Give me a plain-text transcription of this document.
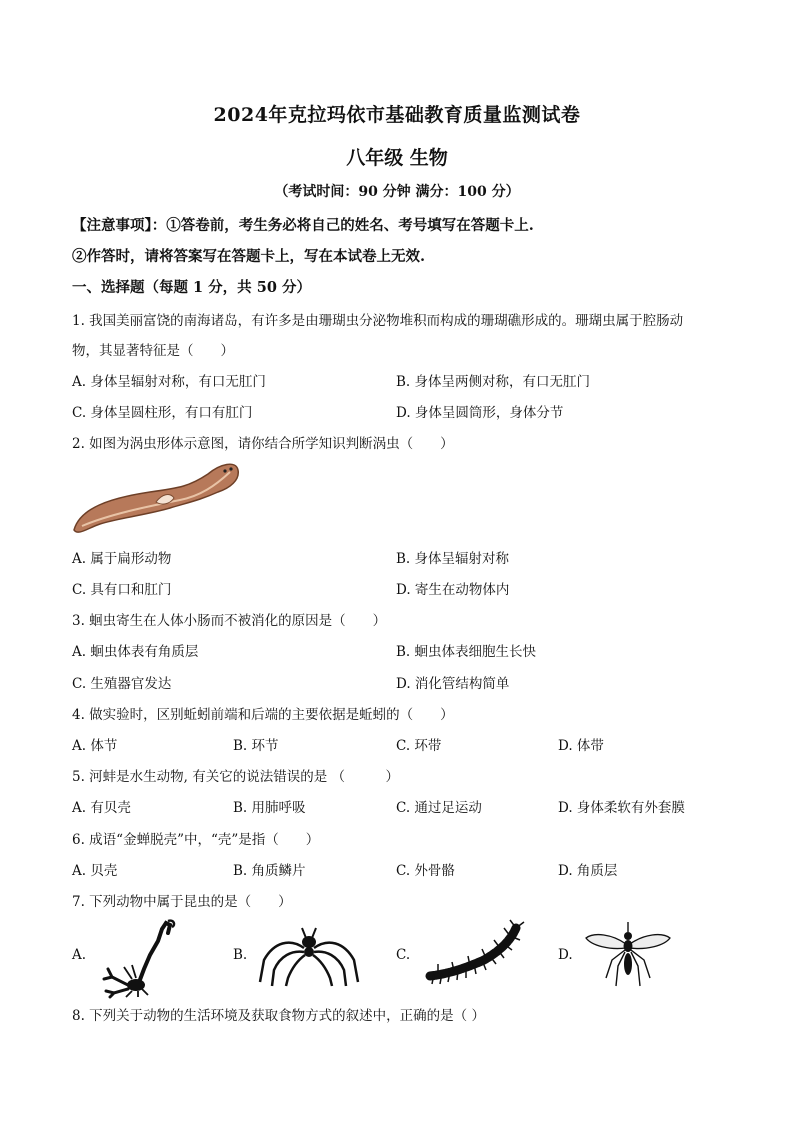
2024年克拉玛依市基础教育质量监测试卷
八年级 生物
（考试时间：90 分钟 满分：100 分）
【注意事项】：①答卷前，考生务必将自己的姓名、考号填写在答题卡上.
②作答时，请将答案写在答题卡上，写在本试卷上无效.
一、选择题（每题 1 分，共 50 分）
1. 我国美丽富饶的南海诸岛，有许多是由珊瑚虫分泌物堆积而构成的珊瑚礁形成的。珊瑚虫属于腔肠动
物，其显著特征是（　　）
A. 身体呈辐射对称，有口无肛门	B. 身体呈两侧对称，有口无肛门
C. 身体呈圆柱形，有口有肛门	D. 身体呈圆筒形，身体分节
2. 如图为涡虫形体示意图，请你结合所学知识判断涡虫（　　）
A. 属于扁形动物	B. 身体呈辐射对称
C. 具有口和肛门	D. 寄生在动物体内
3. 蛔虫寄生在人体小肠而不被消化的原因是（　　）
A. 蛔虫体表有角质层	B. 蛔虫体表细胞生长快
C. 生殖器官发达	D. 消化管结构简单
4. 做实验时，区别蚯蚓前端和后端的主要依据是蚯蚓的（　　）
A. 体节	B. 环节	C. 环带	D. 体带
5. 河蚌是水生动物, 有关它的说法错误的是 （　　　）
A. 有贝壳	B. 用肺呼吸	C. 通过足运动	D. 身体柔软有外套膜
6. 成语“金蝉脱壳”中，“壳”是指（　　）
A. 贝壳	B. 角质鳞片	C. 外骨骼	D. 角质层
7. 下列动物中属于昆虫的是（　　）
A.	B.	C.	D.
8. 下列关于动物的生活环境及获取食物方式的叙述中，正确的是（ ）
